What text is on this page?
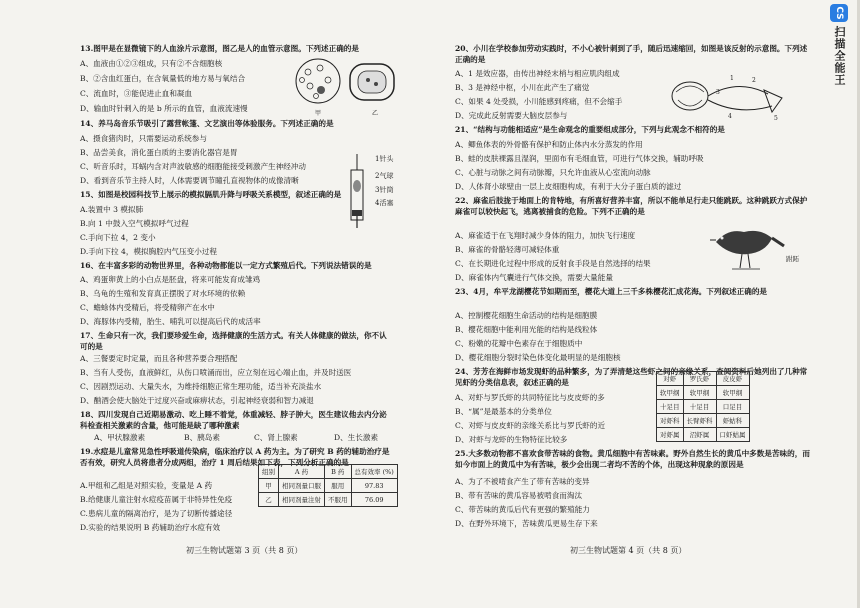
CS
扫描全能王
13.图甲是在显微镜下的人血涂片示意图，图乙是人的血管示意图。下列述正确的是
A、血液由①②③组成，只有②不含细胞核
B、②含血红蛋白，在含氧量低的地方易与氧结合
C、流血时，③能促进止血和凝血
D、输血时针刺入的是 b 所示的血管，血液流速慢
甲	乙
14、养马岛音乐节吸引了露营帐篷、文艺演出等体验服务。下列述正确的是
A、摄食猪肉时，只需要运动系统参与
B、品尝美食，消化蛋白质的主要消化器官是胃
C、听音乐时，耳蜗内含对声波敏感的细胞能接受刺激产生神经冲动
D、看到音乐节主持人时，人体需要调节瞳孔直视物体的成像清晰
15、如图是校园科技节上展示的模拟膈肌升降与呼吸关系模型，叙述正确的是
A.装置中 3 模拟肺
B.向 1 中鼓入空气模拟呼气过程
C.手向下拉 4，2 变小
D.手向下拉 4，模拟胸腔内气压变小过程
1针头
2气球
3针筒
4活塞
16、在丰富多彩的动物世界里，各种动物都能以一定方式繁殖后代。下列说法错误的是
A、鸡蛋卵黄上的小白点是胚盘，将来可能发育成雏鸡
B、乌龟的生殖和发育真正摆脱了对水环境的依赖
C、蟾蜍体内受精后，将受精卵产在水中
D、海豚体内受精，胎生、哺乳可以提高后代的成活率
17、生命只有一次，我们要珍爱生命，选择健康的生活方式。有关人体健康的做法，你不认可的是
A、三餐要定时定量，而且各种营养要合理搭配
B、当有人受伤，血液鲜红，从伤口喷涌而出，应立刻在远心端止血，并及时送医
C、因剧烈运动、大量失水，为维持细胞正常生理功能，适当补充淡盐水
D、酗酒会使大脑处于过度兴奋或麻痹状态，引起神经衰弱和智力减退
18、四川发现自己近期易激动、吃上睡不着觉，体重减轻、脖子肿大，医生建议他去内分泌科检查相关激素的含量，他可能是缺了哪种激素
A、甲状腺激素	B、胰岛素	C、肾上腺素	D、生长激素
19.水痘是儿童常见急性呼吸道传染病，临床治疗以 A 药为主。为了研究 B 药的辅助治疗是否有效，研究人员将患者分成两组，治疗 1 周后结果如下表，下列分析正确的是
A.甲组和乙组是对照实验，变量是 A 药
B.给健康儿童注射水痘疫苗属于非特异性免疫
C.患病儿童的隔离治疗，是为了切断传播途径
D.实验的结果说明 B 药辅助治疗水痘有效
组别	A 药	B 药	总有效率 (%)
甲	相同剂量口服	服用	97.83
乙	相同剂量注射	不服用	76.09
初三生物试题第 3 页（共 8 页）
20、小川在学校参加劳动实践时，不小心被针刺到了手，随后迅速缩回，如图是该反射的示意图。下列述正确的是
A、1 是效应器，由传出神经末梢与相应肌肉组成
B、3 是神经中枢，小川在此产生了痛觉
C、如果 4 处受损，小川能感到疼痛，但不会缩手
D、完成此反射需要大脑皮层参与
1	2
3
4	5
21、“结构与功能相适应”是生命观念的重要组成部分，下列与此观念不相符的是
A、鲫鱼体表的外骨骼有保护和防止体内水分蒸发的作用
B、蛙的皮肤裸露且湿润，里面布有毛细血管，可进行气体交换，辅助呼吸
C、心脏与动脉之间有动脉瓣，只允许血液从心室流向动脉
D、人体肾小球壁由一层上皮细胞构成，有利于大分子蛋白质的滤过
22、麻雀后肢拢于地面上的肯特地，有所喜好营养丰富，所以不能单足行走只能跳跃。这种跳跃方式保护麻雀可以较快起飞，逃离被捕食的危险。下列不正确的是
A、麻雀适于在飞翔时减少身体的阻力，加快飞行速度
B、麻雀的骨骼轻薄可减轻体重
C、在长期进化过程中形成的反射食手段是自然选择的结果
D、麻雀体内气囊进行气体交换，需要大量能量
跗跖
23、4月，牟平龙湖樱花节如期而至，樱花大道上三千多株樱花汇成花海。下列叙述正确的是
A、控制樱花细胞生命活动的结构是细胞膜
B、樱花细胞中能利用光能的结构是线粒体
C、粉嫩的花瓣中色素存在于细胞质中
D、樱花细胞分裂时染色体变化最明显的是细胞核
24、芳芳在海鲜市场发现虾的品种繁多，为了弄清楚这些虾之间的亲缘关系，查阅资料后她列出了几种常见虾的分类信息表，叙述正确的是
A、对虾与罗氏虾的共同特征比与皮皮虾的多
B、“属”是最基本的分类单位
C、对虾与皮皮虾的亲缘关系比与罗氏虾的近
D、对虾与龙虾的生物特征比较多
对虾	罗氏虾	皮皮虾
软甲纲	软甲纲	软甲纲
十足目	十足目	口足目
对虾科	长臂虾科	虾蛄科
对虾属	沼虾属	口虾蛄属
25.大多数动物都不喜欢食带苦味的食物。黄瓜细胞中有苦味素。野外自然生长的黄瓜中多数是苦味的，而如今市面上的黄瓜中为有苦味，极少会出现二者均不苦的个体，出现这种现象的原因是
A、为了不被啃食产生了带有苦味的变异
B、带有苦味的黄瓜容易被啃食而淘汰
C、带苦味的黄瓜后代有更强的繁殖能力
D、在野外环境下，苦味黄瓜更易生存下来
初三生物试题第 4 页（共 8 页）
